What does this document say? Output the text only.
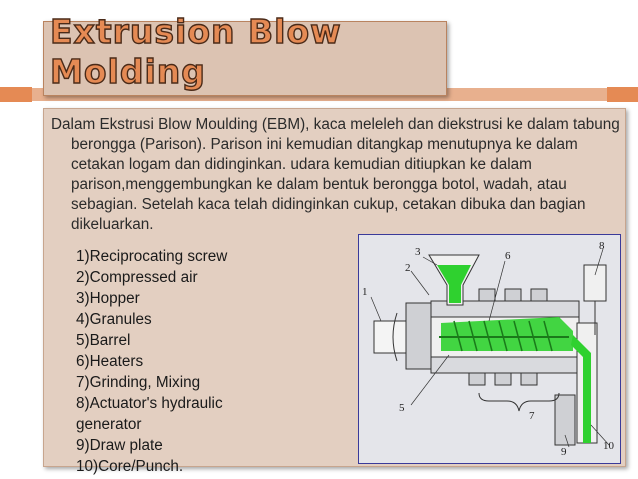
Extrusion Blow Molding
Dalam Ekstrusi Blow Moulding (EBM), kaca meleleh dan diekstrusi ke dalam tabung berongga (Parison). Parison ini kemudian ditangkap menutupnya ke dalam cetakan logam dan didinginkan. udara kemudian ditiupkan ke dalam parison,menggembungkan ke dalam bentuk berongga botol, wadah, atau sebagian. Setelah kaca telah didinginkan cukup, cetakan dibuka dan bagian dikeluarkan.
1)Reciprocating screw
2)Compressed air
3)Hopper
4)Granules
5)Barrel
6)Heaters
7)Grinding, Mixing
8)Actuator's hydraulic generator
9)Draw plate
10)Core/Punch.
1
2
3	6
5
7
8
9	10
